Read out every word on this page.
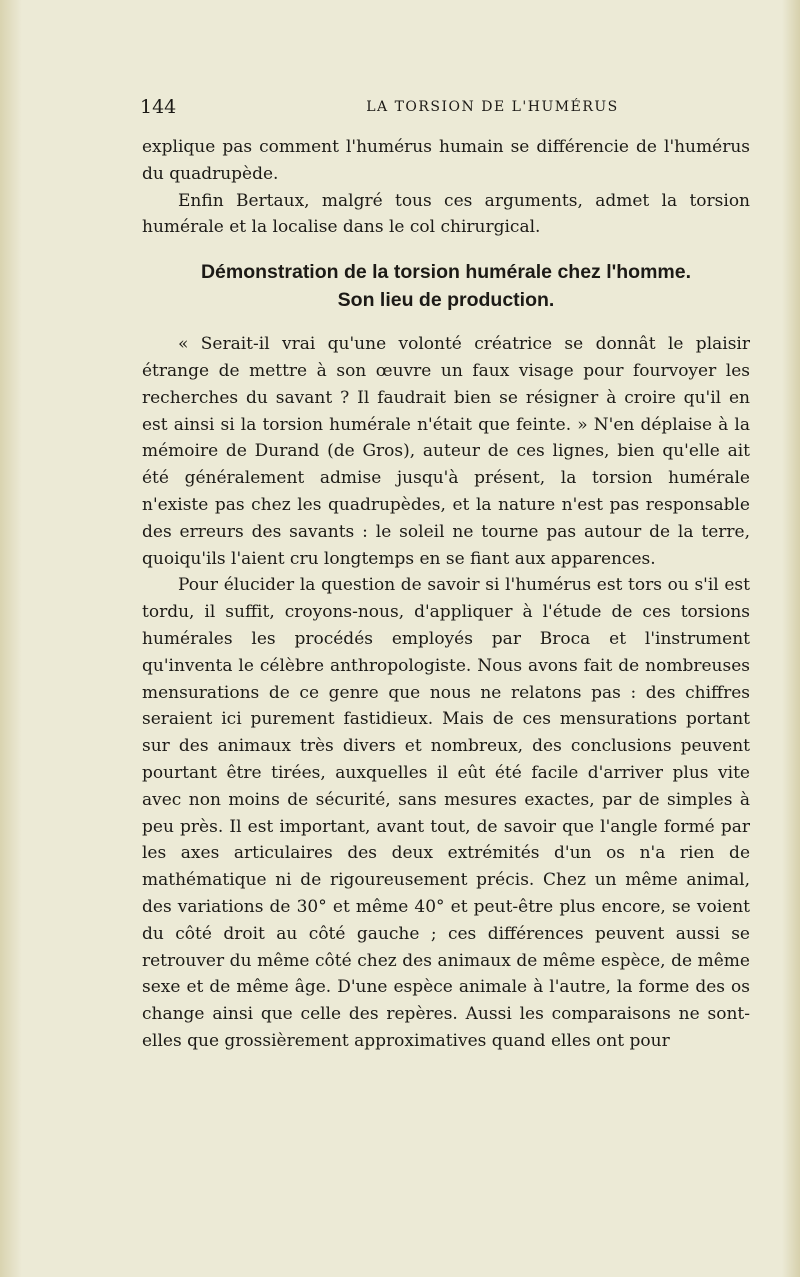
144	LA TORSION DE L'HUMÉRUS

explique pas comment l'humérus humain se différencie de l'humérus du quadrupède.

Enfin Bertaux, malgré tous ces arguments, admet la torsion humérale et la localise dans le col chirurgical.

Démonstration de la torsion humérale chez l'homme.
Son lieu de production.

« Serait-il vrai qu'une volonté créatrice se donnât le plaisir étrange de mettre à son œuvre un faux visage pour fourvoyer les recherches du savant ? Il faudrait bien se résigner à croire qu'il en est ainsi si la torsion humérale n'était que feinte. » N'en déplaise à la mémoire de Durand (de Gros), auteur de ces lignes, bien qu'elle ait été généralement admise jusqu'à présent, la torsion humérale n'existe pas chez les quadrupèdes, et la nature n'est pas responsable des erreurs des savants : le soleil ne tourne pas autour de la terre, quoiqu'ils l'aient cru longtemps en se fiant aux apparences.

Pour élucider la question de savoir si l'humérus est tors ou s'il est tordu, il suffit, croyons-nous, d'appliquer à l'étude de ces torsions humérales les procédés employés par Broca et l'instrument qu'inventa le célèbre anthropologiste. Nous avons fait de nombreuses mensurations de ce genre que nous ne relatons pas : des chiffres seraient ici purement fastidieux. Mais de ces mensurations portant sur des animaux très divers et nombreux, des conclusions peuvent pourtant être tirées, auxquelles il eût été facile d'arriver plus vite avec non moins de sécurité, sans mesures exactes, par de simples à peu près. Il est important, avant tout, de savoir que l'angle formé par les axes articulaires des deux extrémités d'un os n'a rien de mathématique ni de rigoureusement précis. Chez un même animal, des variations de 30° et même 40° et peut-être plus encore, se voient du côté droit au côté gauche ; ces différences peuvent aussi se retrouver du même côté chez des animaux de même espèce, de même sexe et de même âge. D'une espèce animale à l'autre, la forme des os change ainsi que celle des repères. Aussi les comparaisons ne sont-elles que grossièrement approximatives quand elles ont pour
